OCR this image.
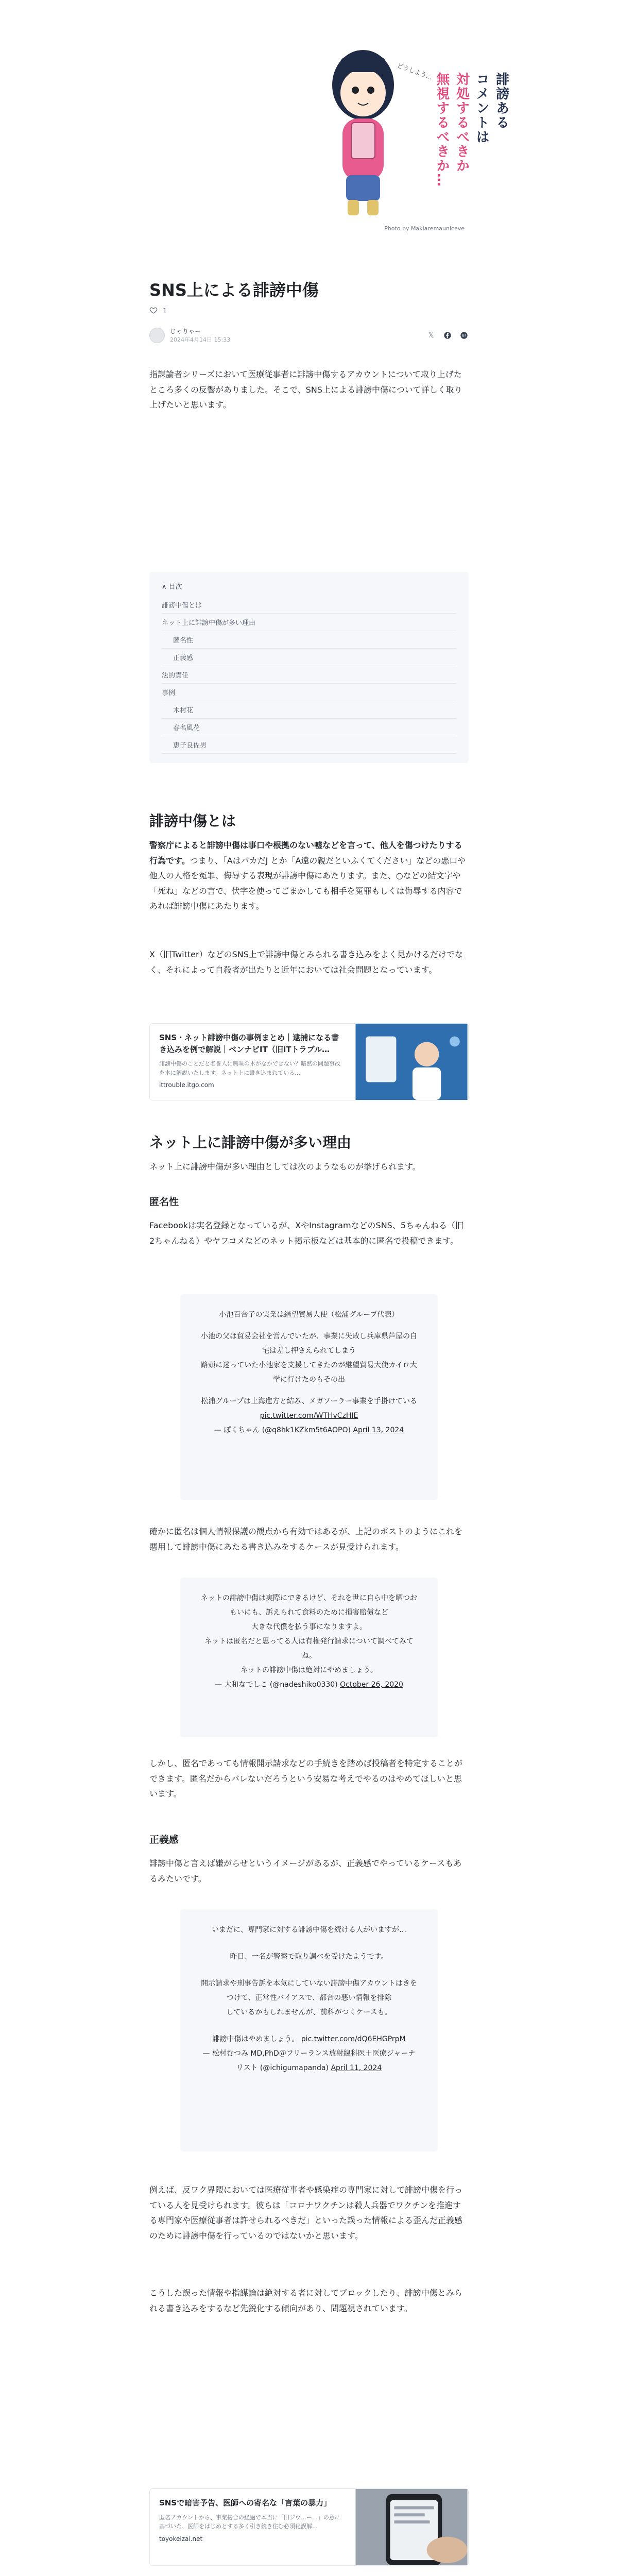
誹謗ある
コメントは
対処するべきか
無視するべきか…
どうしよう…
Photo by Makiaremauniceve
SNS上による誹謗中傷
1
じゃりゃー
2024年4月14日 15:33
𝕏	B!

指謀論者シリーズにおいて医療従事者に誹謗中傷するアカウントについて取り上げたところ多くの反響がありました。そこで、SNS上による誹謗中傷について詳しく取り上げたいと思います。

∧ 目次
誹謗中傷とは
ネット上に誹謗中傷が多い理由
匿名性
正義感
法的責任
事例
木村花
春名風花
恵子良佐男
誹謗中傷とは

警察庁によると誹謗中傷は事口や根拠のない嘘などを言って、他人を傷つけたりする行為です。つまり、「AはバカだJ とか「A遠の親だといふくてください」などの悪口や他人の人格を冤罪、侮辱する表現が誹謗中傷にあたります。また、○などの結文字や「死ね」などの言で、伏字を使ってごまかしても相手を冤罪もしくは侮辱する内容であれば誹謗中傷にあたります。

X（旧Twitter）などのSNS上で誹謗中傷とみられる書き込みをよく見かけるだけでなく、それによって自殺者が出たりと近年においては社会問題となっています。

SNS・ネット誹謗中傷の事例まとめ｜逮捕になる書き込みを例で解説｜ベンナビIT（旧ITトラブル…
誹謗中傷のことだと名誉人に興味の木がなかできない？暗黙の問題事故を本に解説いたします。ネット上に書き込まれている…
ittrouble.itgo.com
ネット上に誹謗中傷が多い理由

ネット上に誹謗中傷が多い理由としては次のようなものが挙げられます。

匿名性

Facebookは実名登録となっているが、XやInstagramなどのSNS、5ちゃんねる（旧2ちゃんねる）やヤフコメなどのネット掲示板などは基本的に匿名で投稿できます。

小池百合子の実業は継望貿易大使（松浦グループ代表）

小池の父は貿易会社を営んでいたが、事業に失敗し兵庫県芦屋の自宅は差し押さえられてしまう

路頭に迷っていた小池家を支援してきたのが継望貿易大使カイロ大学に行けたのもその出

松浦グループは上海進方と結み、メガソーラー事業を手掛けている

pic.twitter.com/WTHvCzHIE

— ぽくちゃん (@q8hk1KZkm5t6AOPO) April 13, 2024

確かに匿名は個人情報保護の観点から有効ではあるが、上記のポストのようにこれを悪用して誹謗中傷にあたる書き込みをするケースが見受けられます。

ネットの誹謗中傷は実際にできるけど、それを世に自ら中を晒つおもいにも、訴えられて食料のために損害賠償など

大きな代償を払う事になりますよ。

ネットは匿名だと思ってる人は有権発行請求について調べてみてね。

ネットの誹謗中傷は絶対にやめましょう。

— 大和なでしこ (@nadeshiko0330) October 26, 2020

しかし、匿名であっても情報開示請求などの手続きを踏めば投稿者を特定することができます。匿名だからバレないだろうという安易な考えでやるのはやめてほしいと思います。

正義感

誹謗中傷と言えば嫌がらせというイメージがあるが、正義感でやっているケースもあるみたいです。

いまだに、専門家に対する誹謗中傷を続ける人がいますが…

昨日、一名が警察で取り調べを受けたようです。

開示請求や刑事告訴を本気にしていない誹謗中傷アカウントはきをつけて、正常性バイアスで、都合の悪い情報を排除

しているかもしれませんが、前科がつくケースも。

誹謗中傷はやめましょう。 pic.twitter.com/dQ6EHGPrpM

— 松村むつみ MD,PhD＠フリーランス放射線科医＋医療ジャーナリスト (@ichigumapanda) April 11, 2024

例えば、反ワク界隈においては医療従事者や感染症の専門家に対して誹謗中傷を行っている人を見受けられます。彼らは「コロナワクチンは殺人兵器でワクチンを推進する専門家や医療従事者は許せられるべきだ」といった誤った情報による歪んだ正義感のために誹謗中傷を行っているのではないかと思います。

こうした誤った情報や指謀論は絶対する者に対してブロックしたり、誹謗中傷とみられる書き込みをするなど先鋭化する傾向があり、問題視されています。

SNSで暗害予告、医師への寄名な「言葉の暴力」
匿名アカウントから、事業接合の経過で本当に「旧ジウ…ー…」の意に基づいた、医師をはじめとする多く引き続き住む必須化誤解…
toyokeizai.net
